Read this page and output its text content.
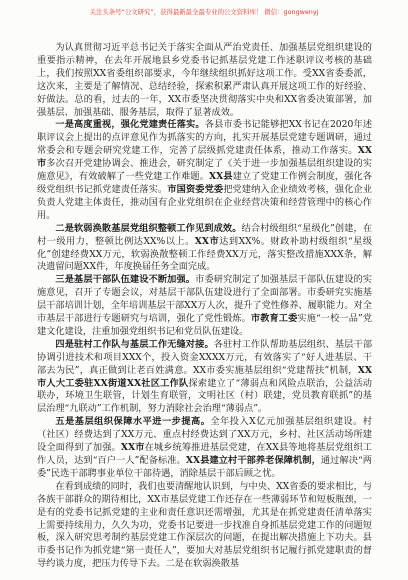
关注头条号“公文研究”，获得最新最全最专业的公文资料库！ 微信：gongwenyj

为认真贯彻习近平总书记关于落实全面从严治党责任、加强基层党组织建设的重要指示精神，在去年开展地县乡党委书记抓基层党建工作述职评议考核的基础上，我们按照XX省委组织部要求，今年继续组织抓好这项工作。受XX省委委派，这次来，主要是了解情况、总结经验，探索积累严肃认真开展这项工作的好经验、好做法。总的看，过去的一年，XX市委坚决贯彻落实中央和XX省委决策部署，加强基层、加强基础、服务基层，取得了显著成效。

一是高度重视，强化党建责任落实。各县市委书记能够把XX书记在2020年述职评议会上提出的点评意见作为抓落实的方向，扎实开展基层党建专题调研，通过常委会和专题会研究党建工作，完善了层级抓党建责任体系，推动工作落实。XX市多次召开党建协调会、推进会，研究制定了《关于进一步加强基层组织建设的实施意见》，有效破解了一些党建工作难题。XX县建立了党建工作例会制度，强化各级党组织书记抓党建责任落实。市国资委党委把党建纳入企业绩效考核，强化企业负责人党建主体责任，推动国有企业党组织在企业经营决策和经营管理中的核心作用。

二是软弱涣散基层党组织整顿工作见到成效。结合村级组织“星级化”创建，在村一级用力，整顿比例达XX%以上。XX市达到XX%。财政补助村级组织“星级化”创建经费XX万元，软弱涣散整顿工作经费XX万元，落实整改措施XXX条，解决遗留问题XX件，年度换届任务全面完成。

三是基层干部队伍建设不断加强。市委研究制定了加强基层干部队伍建设的实施意见，召开了专题会议，对基层干部队伍建设进行了全面部署。市委研究实施基层干部培训计划，全年培训基层干部XX万人次，提升了党性修养、履职能力。对全市基层干部进行专题研究与培训，强化了党性锻炼。市教育工委实施“一校一品”党建文化建设，注重加强党组织书记和党员队伍建设。

四是驻村工作队与基层工作无缝对接。各驻村工作队帮助基层组织、基层干部协调引进技术和项目XXX个，投入资金XXXX万元，有效落实了“好人进基层、干部去为民”，真正做到让老百姓满意。XX市委实施基层组织“党建帮扶”机制，XX市人大工委驻XX街道XX社区工作队探索建立了“薄弱点和风险点联治，公益活动联办，环境卫生联管，计划生育联管，文明社区（村）联建，党员教育联抓”的基层治理“九联动”工作机制，努力消除社会治理“薄弱点”。

五是基层组织保障水平进一步提高。全年投入X亿元加强基层组织建设。村（社区）经费达到了XX万元、重点村经费达到了XX万元，乡村、社区活动场所建设全面得到了加强。XX市在城乡统筹推进基层党建，在XX县等地将基层党组织工作人员，达到“百户一人”配备标准。XX县建立村干部养老保障机制，通过解决“两委”民选干部聘事业单位干部待遇，消除基层干部后顾之忧。

在看到成绩的同时，我们也要清醒地认识到，与中央、XX省委的要求相比，与各族干部群众的期待相比，XX市基层党建工作还存在一些薄弱环节和短板瓶颈，一是有的党委书记抓党建的主业和责任意识还需增强，尤其是在抓党建责任清单落实上需要持续用力，久久为功，党委书记要进一步找准自身抓基层党建工作的问题短板，深入研究思考制约基层党建工作深层次的问题，在提出解决措施上下功夫。县市委书记作为抓党建“第一责任人”，要加大对基层党组织书记履行抓党建职责的督导约谈力度，把压力传导下去。二是在软弱涣散基
